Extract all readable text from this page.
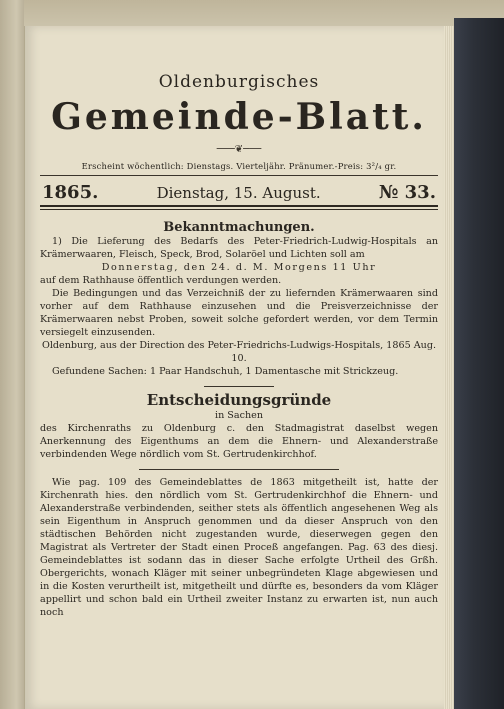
Oldenburgisches
Gemeinde-Blatt.
───❦───
Erscheint wöchentlich: Dienstags. Vierteljähr. Pränumer.-Preis: 3²/₄ gr.
1865.	Dienstag, 15. August.	№ 33.
Bekanntmachungen.

1) Die Lieferung des Bedarfs des Peter-Friedrich-Ludwig-Hospitals an Krämerwaaren, Fleisch, Speck, Brod, Solaröel und Lichten soll am

Donnerstag, den 24. d. M. Morgens 11 Uhr

auf dem Rathhause öffentlich verdungen werden.

Die Bedingungen und das Verzeichniß der zu liefernden Krämerwaaren sind vorher auf dem Rathhause einzusehen und die Preisverzeichnisse der Krämerwaaren nebst Proben, soweit solche gefordert werden, vor dem Termin versiegelt einzusenden.

Oldenburg, aus der Direction des Peter-Friedrichs-Ludwigs-Hospitals, 1865 Aug. 10.

Gefundene Sachen: 1 Paar Handschuh, 1 Damentasche mit Strickzeug.

Entscheidungsgründe

in Sachen

des Kirchenraths zu Oldenburg c. den Stadmagistrat daselbst wegen Anerkennung des Eigenthums an dem die Ehnern- und Alexanderstraße verbindenden Wege nördlich vom St. Gertrudenkirchhof.

Wie pag. 109 des Gemeindeblattes de 1863 mitgetheilt ist, hatte der Kirchenrath hies. den nördlich vom St. Gertrudenkirchhof die Ehnern- und Alexanderstraße verbindenden, seither stets als öffentlich angesehenen Weg als sein Eigenthum in Anspruch genommen und da dieser Anspruch von den städtischen Behörden nicht zugestanden wurde, dieserwegen gegen den Magistrat als Vertreter der Stadt einen Proceß angefangen. Pag. 63 des diesj. Gemeindeblattes ist sodann das in dieser Sache erfolgte Urtheil des Grßh. Obergerichts, wonach Kläger mit seiner unbegründeten Klage abgewiesen und in die Kosten verurtheilt ist, mitgetheilt und dürfte es, besonders da vom Kläger appellirt und schon bald ein Urtheil zweiter Instanz zu erwarten ist, nun auch noch
